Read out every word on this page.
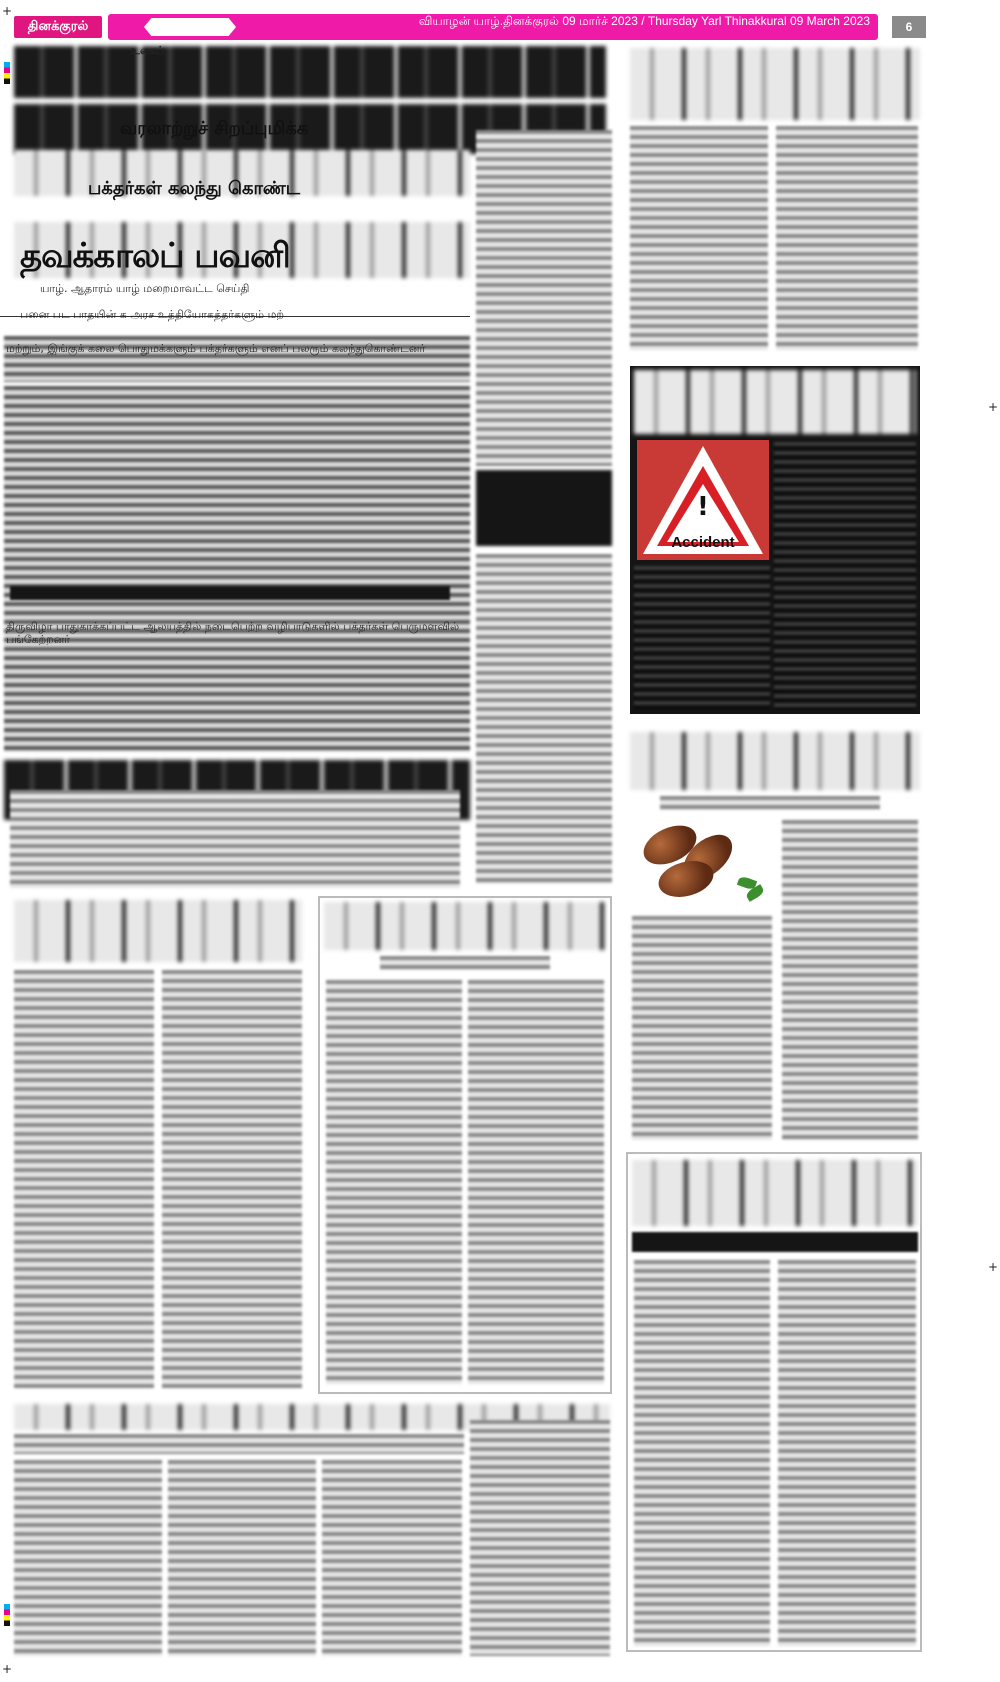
தினக்குரல்	வியாழன் யாழ்.தினக்குரல் 09 மார்ச் 2023 / Thursday Yarl Thinakkural 09 March 2023	6
+
+
+
+
உலகப்
வரலாற்றுச் சிறப்புமிக்க
பக்தர்கள் கலந்து கொண்ட
தவக்காலப் பவனி
யாழ். ஆதாரம் யாழ் மறைமாவட்ட செய்தி
பனை பட பாதயின் க அரச உத்தியோகத்தர்களும் மற்
மற்றும், இங்குக் கலை பொதுமக்களும் பக்தர்களும் எனப் பலரும் கலந்துகொண்டனர்
திருவிழா பாதுகாக்கப்பட்ட ஆலயத்தில் நடைபெற்ற வழிபாடுகளில் பக்தர்கள் பெருமளவில் பங்கேற்றனர்
!
Accident
